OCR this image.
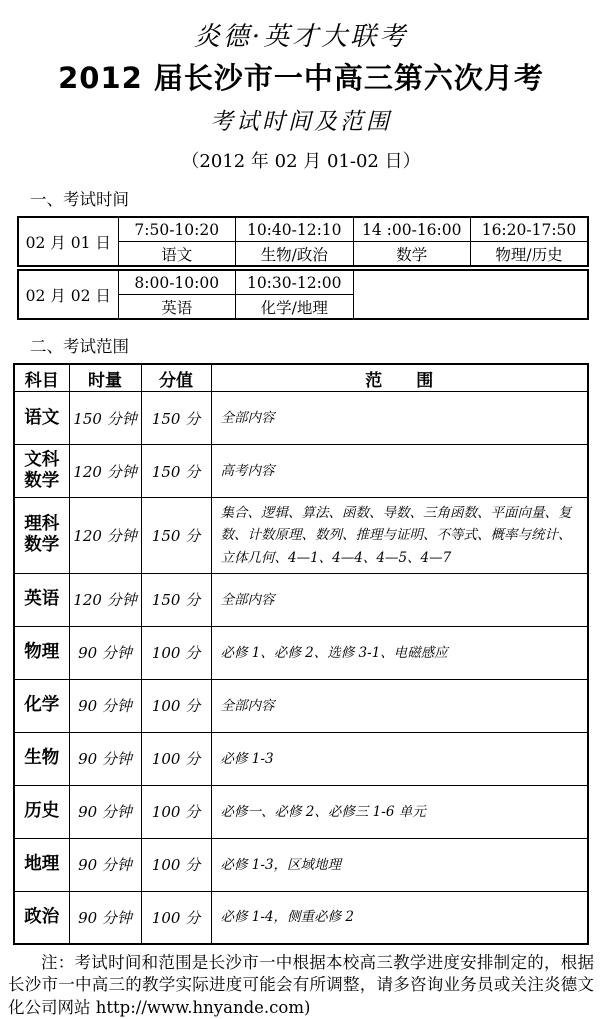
炎德·英才大联考
2012 届长沙市一中高三第六次月考
考试时间及范围
（2012 年 02 月 01-02 日）
一、考试时间
02 月 01 日	7:50-10:20	10:40-12:10	14 :00-16:00	16:20-17:50
	语文	生物/政治	数学	物理/历史
02 月 02 日	8:00-10:00	10:30-12:00	
	英语	化学/地理	
二、考试范围
科目	时量	分值	范　　围
语文	150 分钟	150 分	全部内容
文科数学	120 分钟	150 分	高考内容
理科数学	120 分钟	150 分	集合、逻辑、算法、函数、导数、三角函数、平面向量、复数、计数原理、数列、推理与证明、不等式、概率与统计、立体几何、4—1、4—4、4—5、4—7
英语	120 分钟	150 分	全部内容
物理	90 分钟	100 分	必修 1、必修 2、选修 3-1、电磁感应
化学	90 分钟	100 分	全部内容
生物	90 分钟	100 分	必修 1-3
历史	90 分钟	100 分	必修一、必修 2、必修三 1-6 单元
地理	90 分钟	100 分	必修 1-3，区域地理
政治	90 分钟	100 分	必修 1-4，侧重必修 2
注：考试时间和范围是长沙市一中根据本校高三教学进度安排制定的，根据长沙市一中高三的教学实际进度可能会有所调整，请多咨询业务员或关注炎德文化公司网站 http://www.hnyande.com)
